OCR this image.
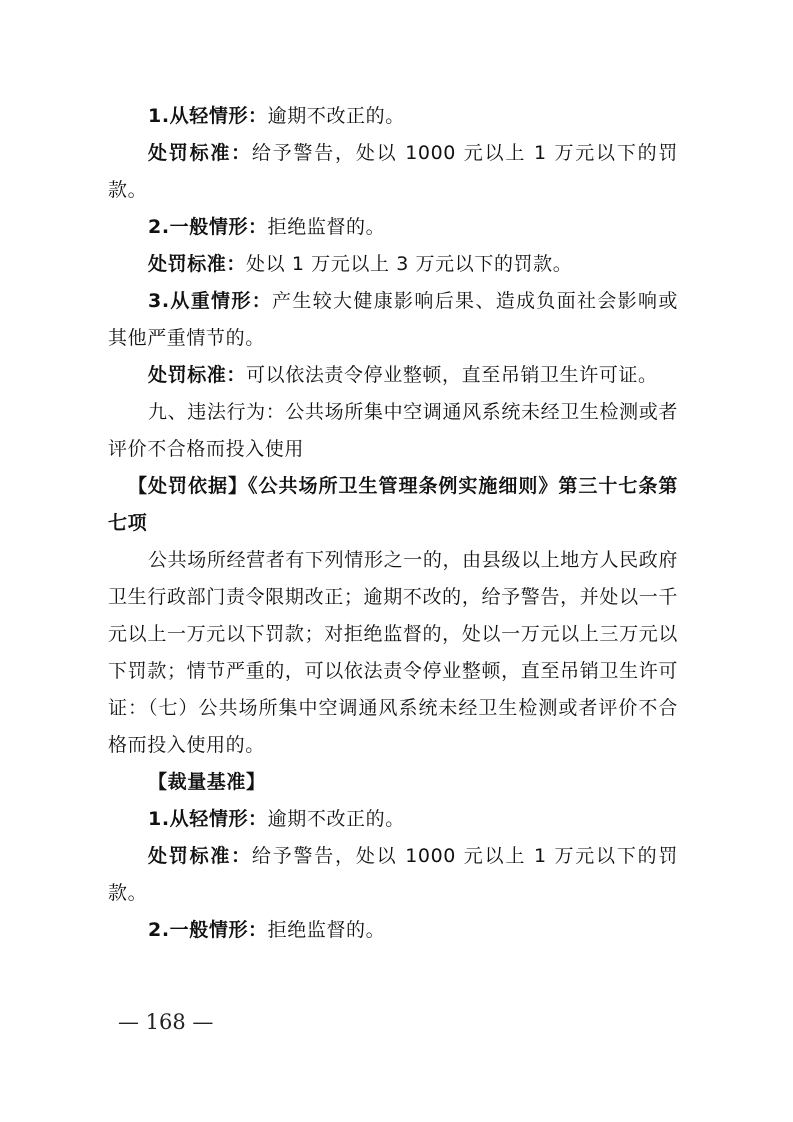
1.从轻情形：逾期不改正的。

处罚标准：给予警告，处以 1000 元以上 1 万元以下的罚款。

2.一般情形：拒绝监督的。

处罚标准：处以 1 万元以上 3 万元以下的罚款。

3.从重情形：产生较大健康影响后果、造成负面社会影响或其他严重情节的。

处罚标准：可以依法责令停业整顿，直至吊销卫生许可证。

九、违法行为：公共场所集中空调通风系统未经卫生检测或者评价不合格而投入使用

【处罚依据】《公共场所卫生管理条例实施细则》第三十七条第七项

公共场所经营者有下列情形之一的，由县级以上地方人民政府卫生行政部门责令限期改正；逾期不改的，给予警告，并处以一千元以上一万元以下罚款；对拒绝监督的，处以一万元以上三万元以下罚款；情节严重的，可以依法责令停业整顿，直至吊销卫生许可证：（七）公共场所集中空调通风系统未经卫生检测或者评价不合格而投入使用的。

【裁量基准】

1.从轻情形：逾期不改正的。

处罚标准：给予警告，处以 1000 元以上 1 万元以下的罚款。

2.一般情形：拒绝监督的。

— 168 —
